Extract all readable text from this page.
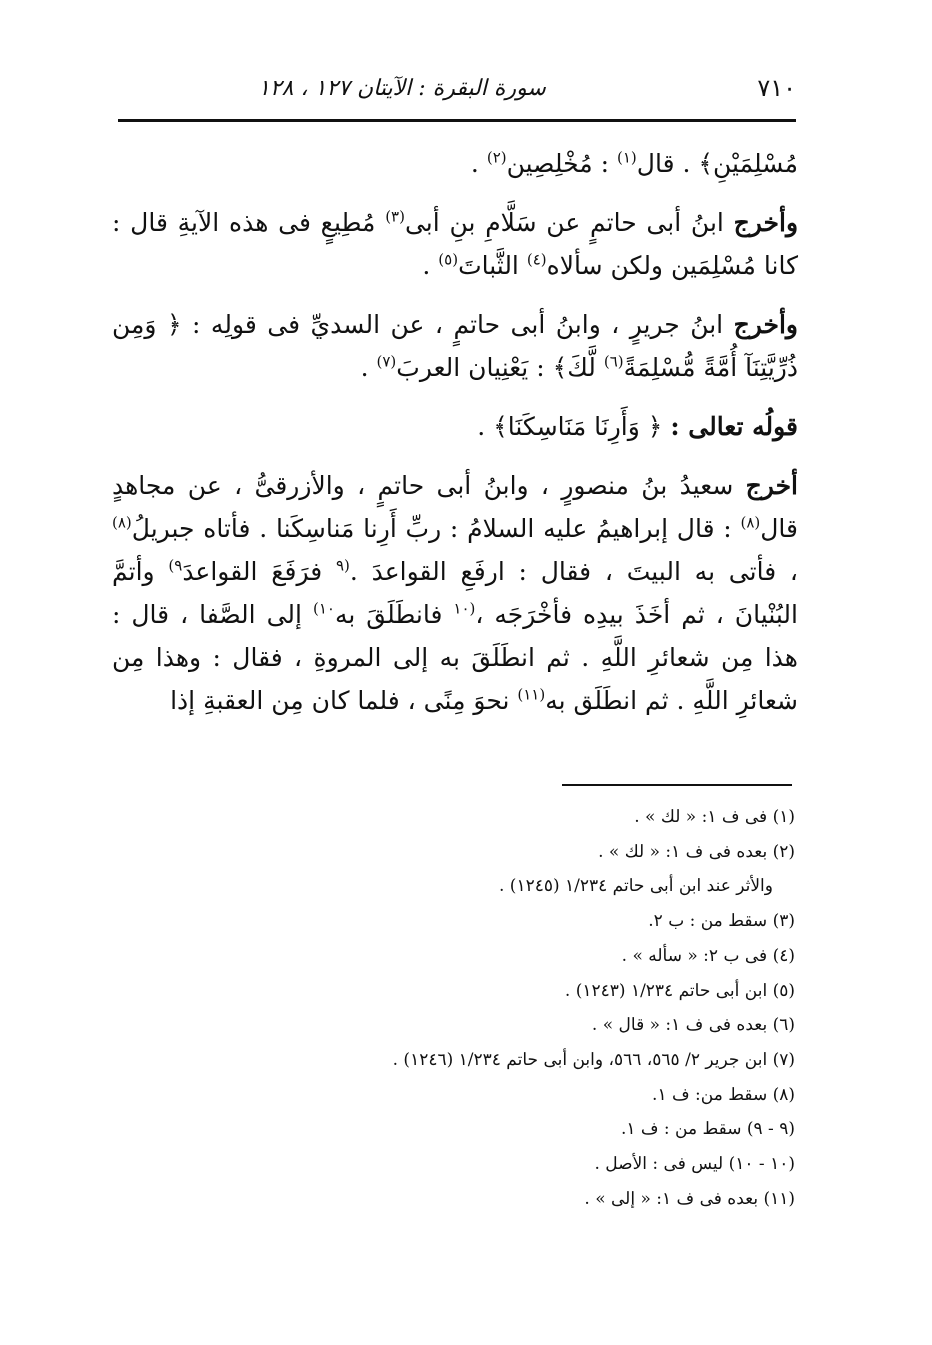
٧١٠
سورة البقرة : الآيتان ١٢٧ ، ١٢٨

مُسْلِمَيْنِ﴾ . قال$^{(١)}$ : مُخْلِصِين$^{(٢)}$ .

وأخرج ابنُ أبى حاتمٍ عن سَلَّامِ بنِ أبى$^{(٣)}$ مُطِيعٍ فى هذه الآيةِ قال : كانا مُسْلِمَين ولكن سألاه$^{(٤)}$ الثَّباتَ$^{(٥)}$ .

وأخرج ابنُ جريرٍ ، وابنُ أبى حاتمٍ ، عن السديِّ فى قولِه : ﴿ وَمِن ذُرِّيَّتِنَآ أُمَّةً مُّسْلِمَةً$^{(٦)}$ لَّكَ﴾ : يَعْنِيان العربَ$^{(٧)}$ .

قولُه تعالى : ﴿ وَأَرِنَا مَنَاسِكَنَا﴾ .

أخرج سعيدُ بنُ منصورٍ ، وابنُ أبى حاتمٍ ، والأزرقىُّ ، عن مجاهدٍ قال$^{(٨)}$ : قال إبراهيمُ عليه السلامُ : ربِّ أَرِنا مَناسِكَنا . فأتاه جبريلُ$^{(٨)}$ ، فأتى به البيتَ ، فقال : ارفَعِ القواعدَ .$^{(٩}$ فرَفَعَ القواعدَ$^{٩)}$ وأتمَّ البُنْيانَ ، ثم أخَذَ بيدِه فأخْرَجَه ،$^{(١٠}$ فانطَلَقَ به$^{١٠)}$ إلى الصَّفا ، قال : هذا مِن شعائرِ اللَّهِ . ثم انطَلَقَ به إلى المروةِ ، فقال : وهذا مِن شعائرِ اللَّهِ . ثم انطَلَق به$^{(١١)}$ نحوَ مِنًى ، فلما كان مِن العقبةِ إذا

(١) فى ف ١: « لك » .
(٢) بعده فى ف ١: « لك » .
والأثر عند ابن أبى حاتم ١/٢٣٤ (١٢٤٥) .
(٣) سقط من : ب ٢.
(٤) فى ب ٢: « سأله » .
(٥) ابن أبى حاتم ١/٢٣٤ (١٢٤٣) .
(٦) بعده فى ف ١: « قال » .
(٧) ابن جرير ٢/ ٥٦٥، ٥٦٦، وابن أبى حاتم ١/٢٣٤ (١٢٤٦) .
(٨) سقط من: ف ١.
(٩ - ٩) سقط من : ف ١.
(١٠ - ١٠) ليس فى : الأصل .
(١١) بعده فى ف ١: « إلى » .
